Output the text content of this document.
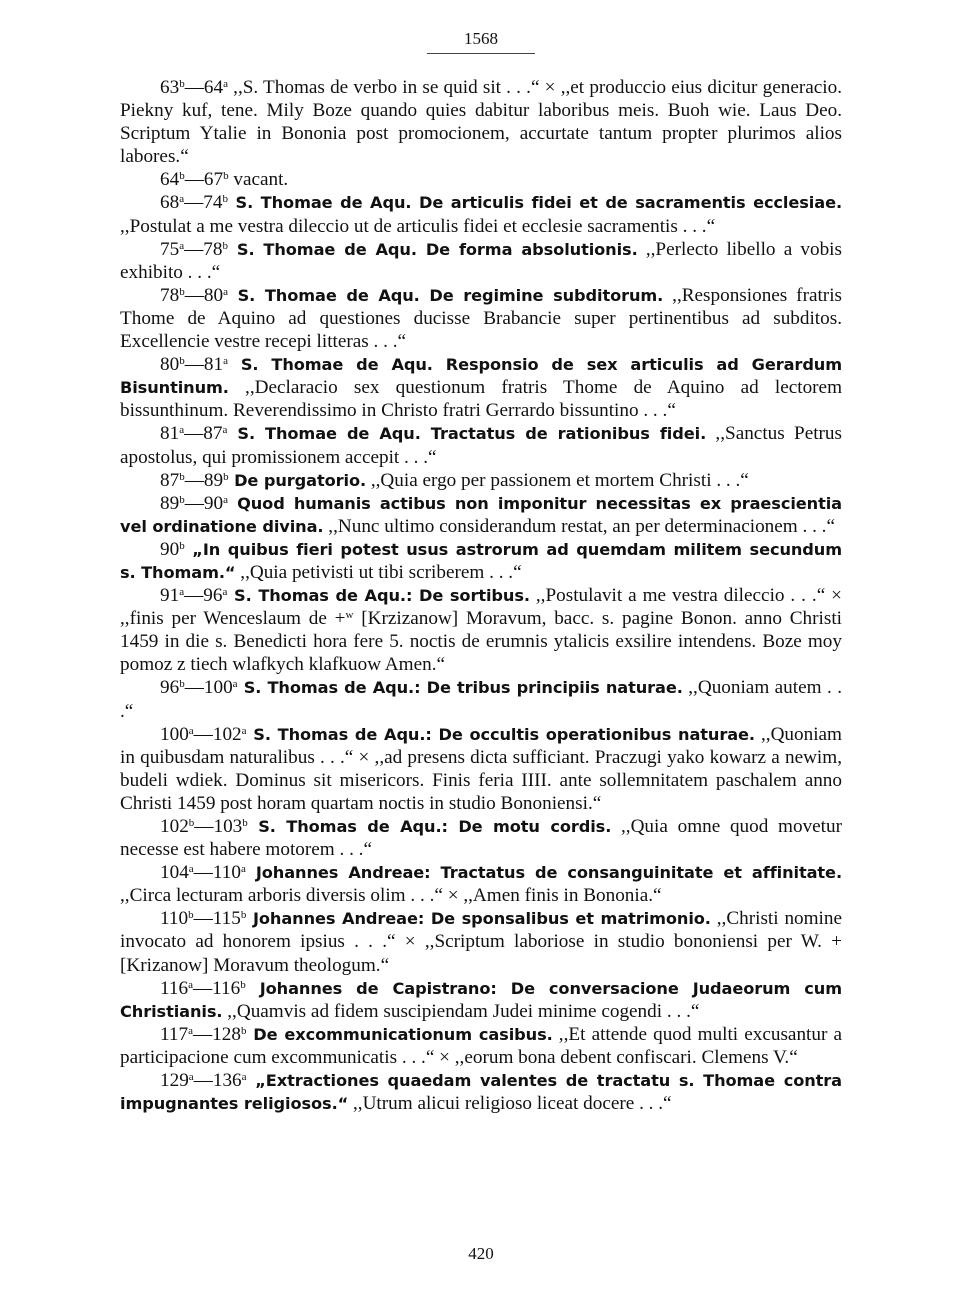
1568

63$^b$—64$^a$ ,,S. Thomas de verbo in se quid sit . . .“ × ,,et produccio eius dicitur generacio. Piekny kuf, tene. Mily Boze quando quies dabitur laboribus meis. Buoh wie. Laus Deo. Scriptum Ytalie in Bononia post promocionem, accurtate tantum propter plurimos alios labores.“

64$^b$—67$^b$ vacant.

68$^a$—74$^b$ S. Thomae de Aqu. De articulis fidei et de sacramentis ecclesiae. ,,Postulat a me vestra dileccio ut de articulis fidei et ecclesie sacramentis . . .“

75$^a$—78$^b$ S. Thomae de Aqu. De forma absolutionis. ,,Perlecto libello a vobis exhibito . . .“

78$^b$—80$^a$ S. Thomae de Aqu. De regimine subditorum. ,,Responsiones fratris Thome de Aquino ad questiones ducisse Brabancie super pertinentibus ad subditos. Excellencie vestre recepi litteras . . .“

80$^b$—81$^a$ S. Thomae de Aqu. Responsio de sex articulis ad Gerardum Bisuntinum. ,,Declaracio sex questionum fratris Thome de Aquino ad lectorem bissunthinum. Reverendissimo in Christo fratri Gerrardo bissuntino . . .“

81$^a$—87$^a$ S. Thomae de Aqu. Tractatus de rationibus fidei. ,,Sanctus Petrus apostolus, qui promissionem accepit . . .“

87$^b$—89$^b$ De purgatorio. ,,Quia ergo per passionem et mortem Christi . . .“

89$^b$—90$^a$ Quod humanis actibus non imponitur necessitas ex praescientia vel ordinatione divina. ,,Nunc ultimo considerandum restat, an per determinacionem . . .“

90$^b$ „In quibus fieri potest usus astrorum ad quemdam militem secundum s. Thomam.“ ,,Quia petivisti ut tibi scriberem . . .“

91$^a$—96$^a$ S. Thomas de Aqu.: De sortibus. ,,Postulavit a me vestra dileccio . . .“ × ,,finis per Wenceslaum de +$^w$ [Krzizanow] Moravum, bacc. s. pagine Bonon. anno Christi 1459 in die s. Benedicti hora fere 5. noctis de erumnis ytalicis exsilire intendens. Boze moy pomoz z tiech wlafkych klafkuow Amen.“

96$^b$—100$^a$ S. Thomas de Aqu.: De tribus principiis naturae. ,,Quoniam autem . . .“

100$^a$—102$^a$ S. Thomas de Aqu.: De occultis operationibus naturae. ,,Quoniam in quibusdam naturalibus . . .“ × ,,ad presens dicta sufficiant. Praczugi yako kowarz a newim, budeli wdiek. Dominus sit misericors. Finis feria IIII. ante sollemnitatem paschalem anno Christi 1459 post horam quartam noctis in studio Bononiensi.“

102$^b$—103$^b$ S. Thomas de Aqu.: De motu cordis. ,,Quia omne quod movetur necesse est habere motorem . . .“

104$^a$—110$^a$ Johannes Andreae: Tractatus de consanguinitate et affinitate. ,,Circa lecturam arboris diversis olim . . .“ × ,,Amen finis in Bononia.“

110$^b$—115$^b$ Johannes Andreae: De sponsalibus et matrimonio. ,,Christi nomine invocato ad honorem ipsius . . .“ × ,,Scriptum laboriose in studio bononiensi per W. + [Krizanow] Moravum theologum.“

116$^a$—116$^b$ Johannes de Capistrano: De conversacione Judaeorum cum Christianis. ,,Quamvis ad fidem suscipiendam Judei minime cogendi . . .“

117$^a$—128$^b$ De excommunicationum casibus. ,,Et attende quod multi excusantur a participacione cum excommunicatis . . .“ × ,,eorum bona debent confiscari. Clemens V.“

129$^a$—136$^a$ „Extractiones quaedam valentes de tractatu s. Thomae contra impugnantes religiosos.“ ,,Utrum alicui religioso liceat docere . . .“

420
